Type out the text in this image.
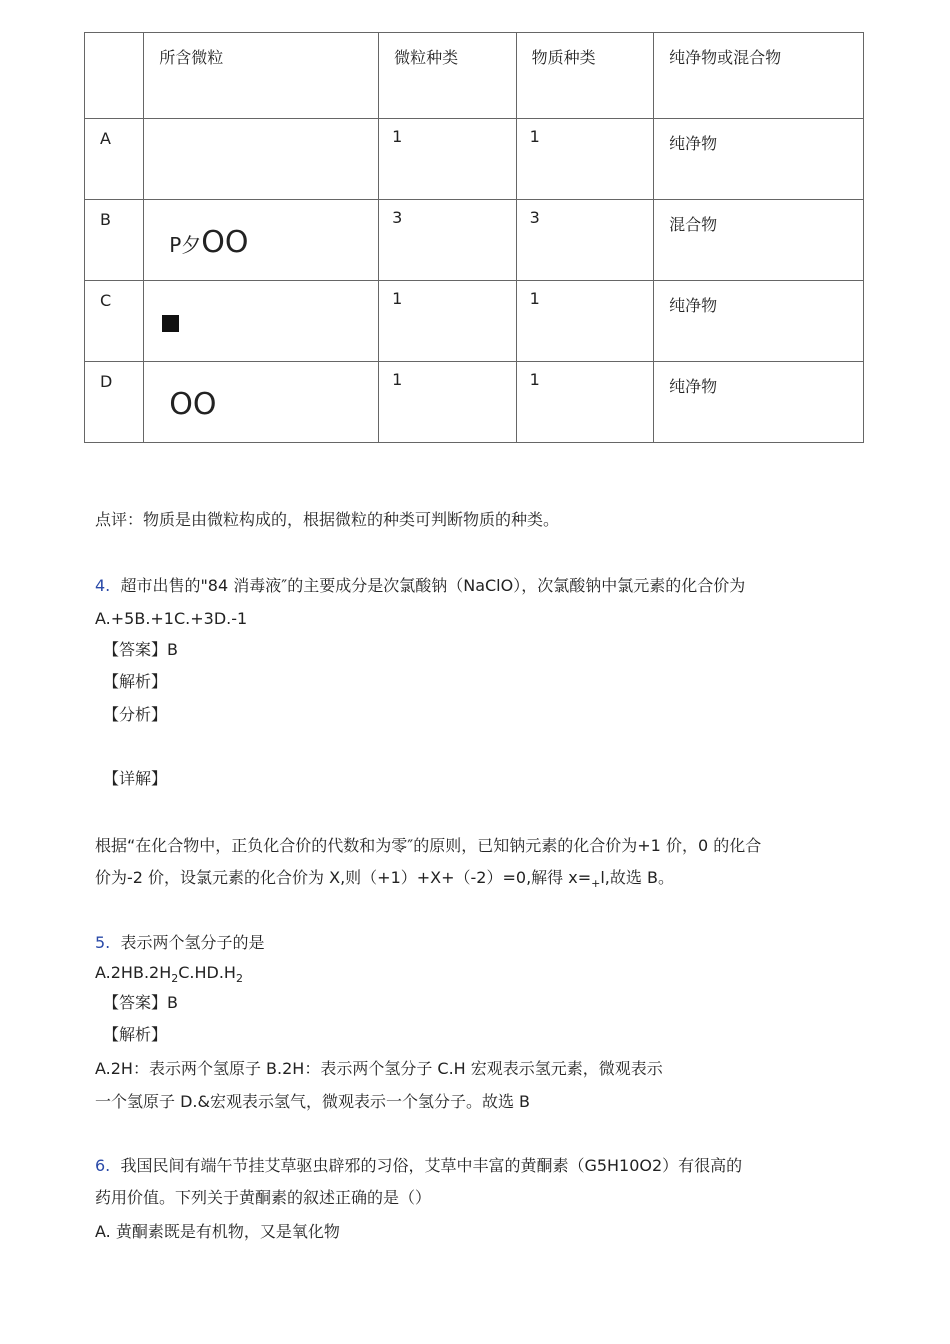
	所含微粒	微粒种类	物质种类	纯净物或混合物

A		1	1	纯净物

B	P夕OO	3	3	混合物

C		1	1	纯净物

D	OO	1	1	纯净物
点评：物质是由微粒构成的，根据微粒的种类可判断物质的种类。
4. 超市出售的"84 消毒液″的主要成分是次氯酸钠（NaClO），次氯酸钠中氯元素的化合价为
A.+5B.+1C.+3D.-1
【答案】B
【解析】
【分析】
【详解】
根据“在化合物中，正负化合价的代数和为零″的原则，已知钠元素的化合价为+1 价，0 的化合
价为-2 价，设氯元素的化合价为 X,则（+1）+X+（-2）=0,解得 $x=_+l$,故选 B。
5. 表示两个氢分子的是
$A.2HB.2H_2C.HD.H_2$
【答案】B
【解析】
A.2H：表示两个氢原子 B.2H：表示两个氢分子 C.H 宏观表示氢元素，微观表示
一个氢原子 D.&宏观表示氢气，微观表示一个氢分子。故选 B
6. 我国民间有端午节挂艾草驱虫辟邪的习俗，艾草中丰富的黄酮素（G5H10O2）有很高的
药用价值。下列关于黄酮素的叙述正确的是（）
A. 黄酮素既是有机物，又是氧化物
